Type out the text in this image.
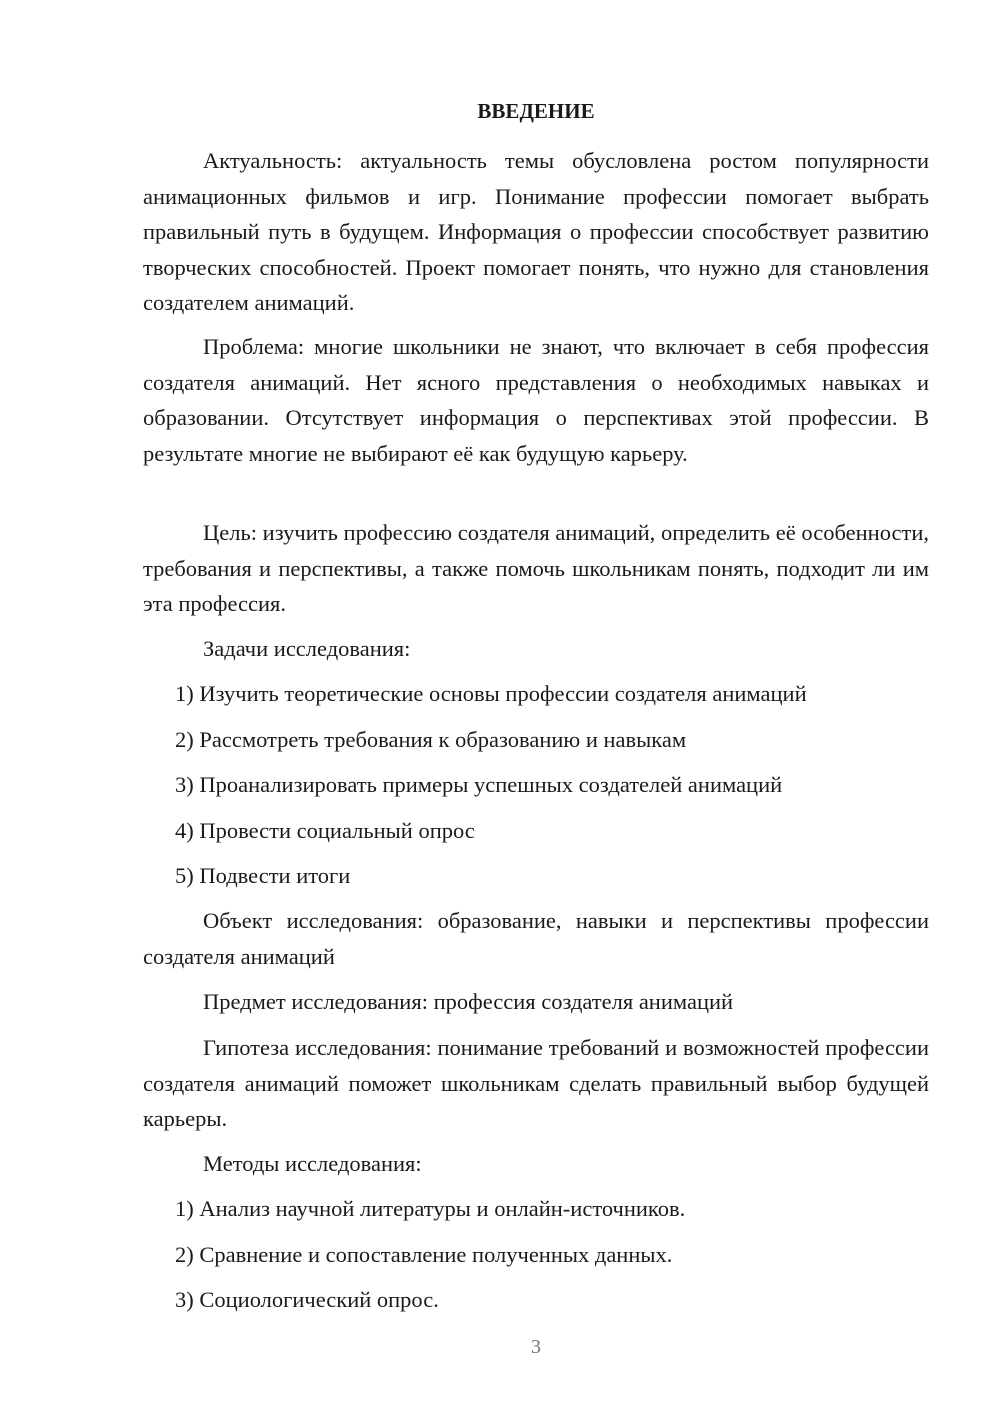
ВВЕДЕНИЕ

Актуальность: актуальность темы обусловлена ростом популярности анимационных фильмов и игр. Понимание профессии помогает выбрать правильный путь в будущем. Информация о профессии способствует развитию творческих способностей. Проект помогает понять, что нужно для становления создателем анимаций.

Проблема: многие школьники не знают, что включает в себя профессия создателя анимаций. Нет ясного представления о необходимых навыках и образовании. Отсутствует информация о перспективах этой профессии. В результате многие не выбирают её как будущую карьеру.

Цель: изучить профессию создателя анимаций, определить её особенности, требования и перспективы, а также помочь школьникам понять, подходит ли им эта профессия.

Задачи исследования:

1) Изучить теоретические основы профессии создателя анимаций

2) Рассмотреть требования к образованию и навыкам

3) Проанализировать примеры успешных создателей анимаций

4) Провести социальный опрос

5) Подвести итоги

Объект исследования: образование, навыки и перспективы профессии создателя анимаций

Предмет исследования: профессия создателя анимаций

Гипотеза исследования: понимание требований и возможностей профессии создателя анимаций поможет школьникам сделать правильный выбор будущей карьеры.

Методы исследования:

1) Анализ научной литературы и онлайн-источников.

2) Сравнение и сопоставление полученных данных.

3) Социологический опрос.

3
